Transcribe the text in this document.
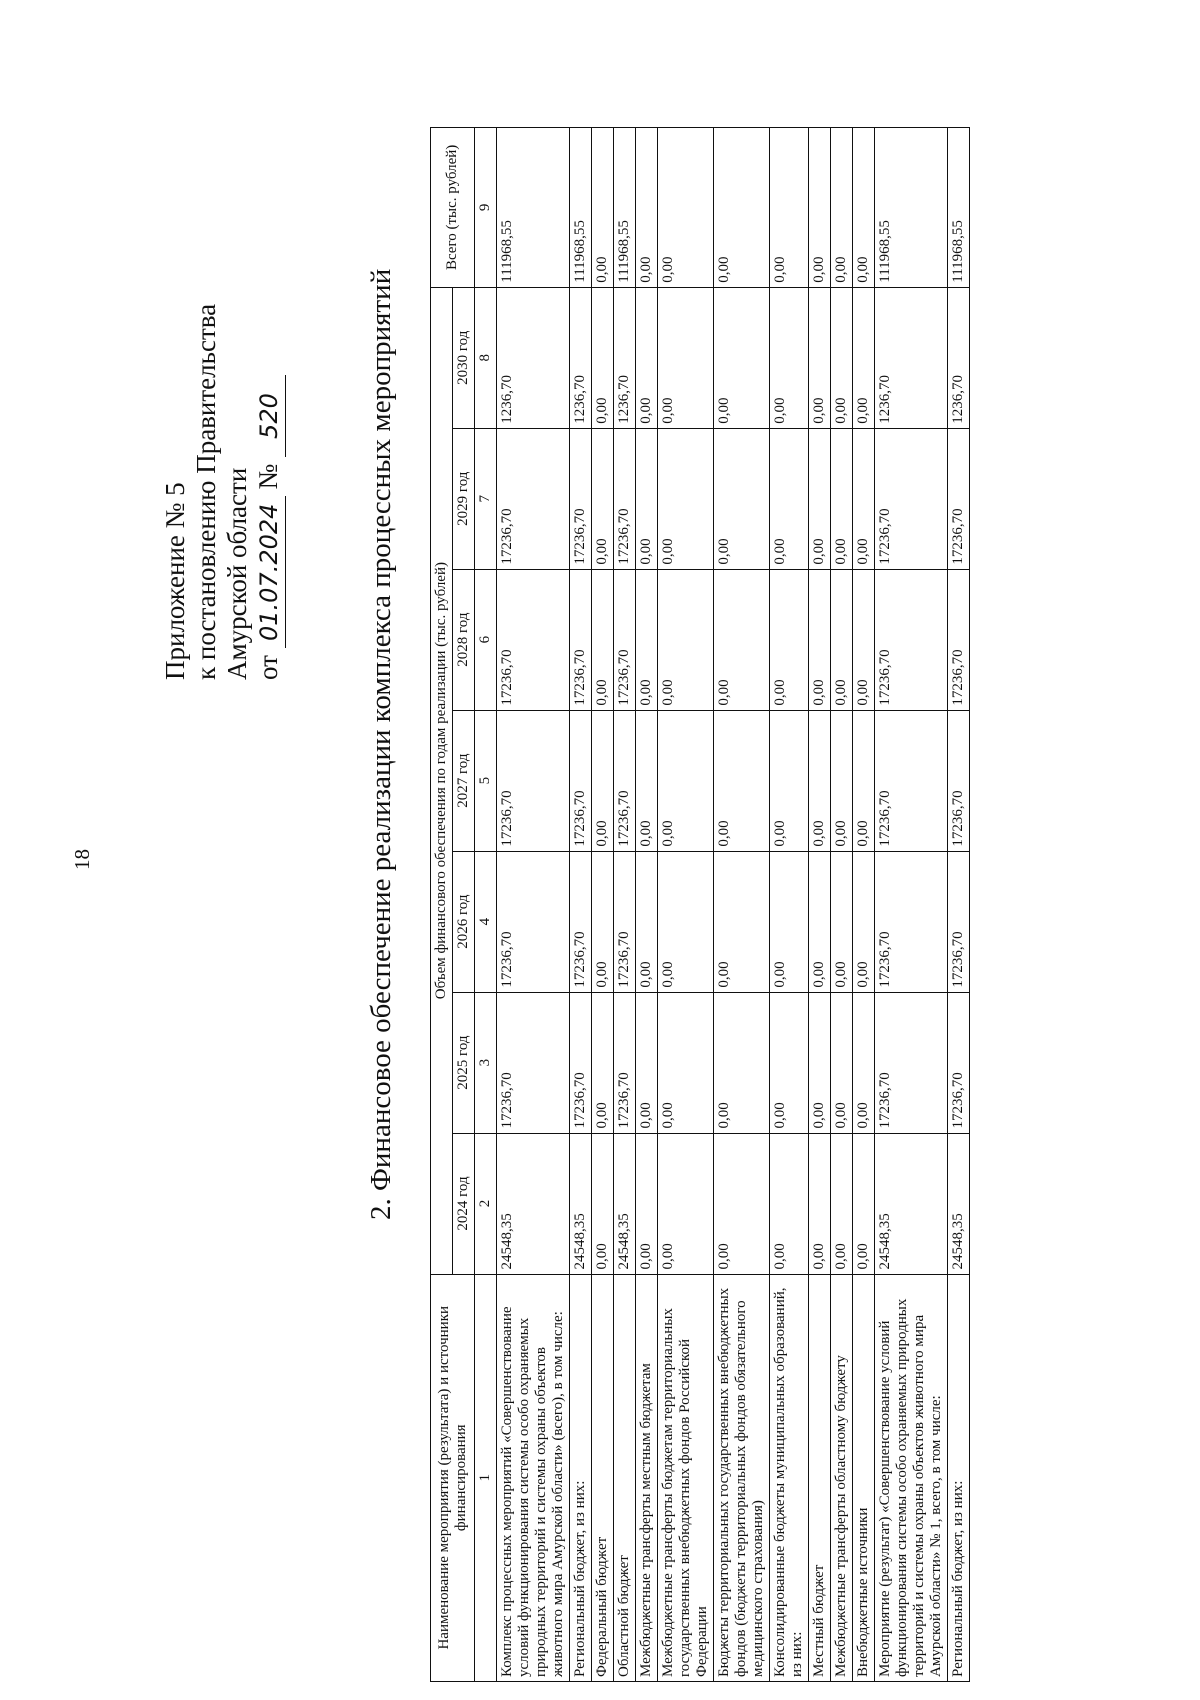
18
Приложение № 5 к постановлению Правительства Амурской области от 01.07.2024 № 520	2. Финансовое обеспечение реализации комплекса процессных мероприятий
Наименование мероприятия (результата) и источники финансирования	Объем финансового обеспечения по годам реализации (тыс. рублей)							Всего (тыс. рублей)
	2024 год	2025 год	2026 год	2027 год	2028 год	2029 год	2030 год	
1	2	3	4	5	6	7	8	9
Комплекс процессных мероприятий «Совершенствование условий функционирования системы особо охраняемых природных территорий и системы охраны объектов животного мира Амурской области» (всего), в том числе:	24548,35	17236,70	17236,70	17236,70	17236,70	17236,70	1236,70	111968,55
Региональный бюджет, из них:	24548,35	17236,70	17236,70	17236,70	17236,70	17236,70	1236,70	111968,55
Федеральный бюджет	0,00	0,00	0,00	0,00	0,00	0,00	0,00	0,00
Областной бюджет	24548,35	17236,70	17236,70	17236,70	17236,70	17236,70	1236,70	111968,55
Межбюджетные трансферты местным бюджетам	0,00	0,00	0,00	0,00	0,00	0,00	0,00	0,00
Межбюджетные трансферты бюджетам территориальных государственных внебюджетных фондов Российской Федерации	0,00	0,00	0,00	0,00	0,00	0,00	0,00	0,00
Бюджеты территориальных государственных внебюджетных фондов (бюджеты территориальных фондов обязательного медицинского страхования)	0,00	0,00	0,00	0,00	0,00	0,00	0,00	0,00
Консолидированные бюджеты муниципальных образований, из них:	0,00	0,00	0,00	0,00	0,00	0,00	0,00	0,00
Местный бюджет	0,00	0,00	0,00	0,00	0,00	0,00	0,00	0,00
Межбюджетные трансферты областному бюджету	0,00	0,00	0,00	0,00	0,00	0,00	0,00	0,00
Внебюджетные источники	0,00	0,00	0,00	0,00	0,00	0,00	0,00	0,00
Мероприятие (результат) «Совершенствование условий функционирования системы особо охраняемых природных территорий и системы охраны объектов животного мира Амурской области» № 1, всего, в том числе:	24548,35	17236,70	17236,70	17236,70	17236,70	17236,70	1236,70	111968,55
Региональный бюджет, из них:	24548,35	17236,70	17236,70	17236,70	17236,70	17236,70	1236,70	111968,55
